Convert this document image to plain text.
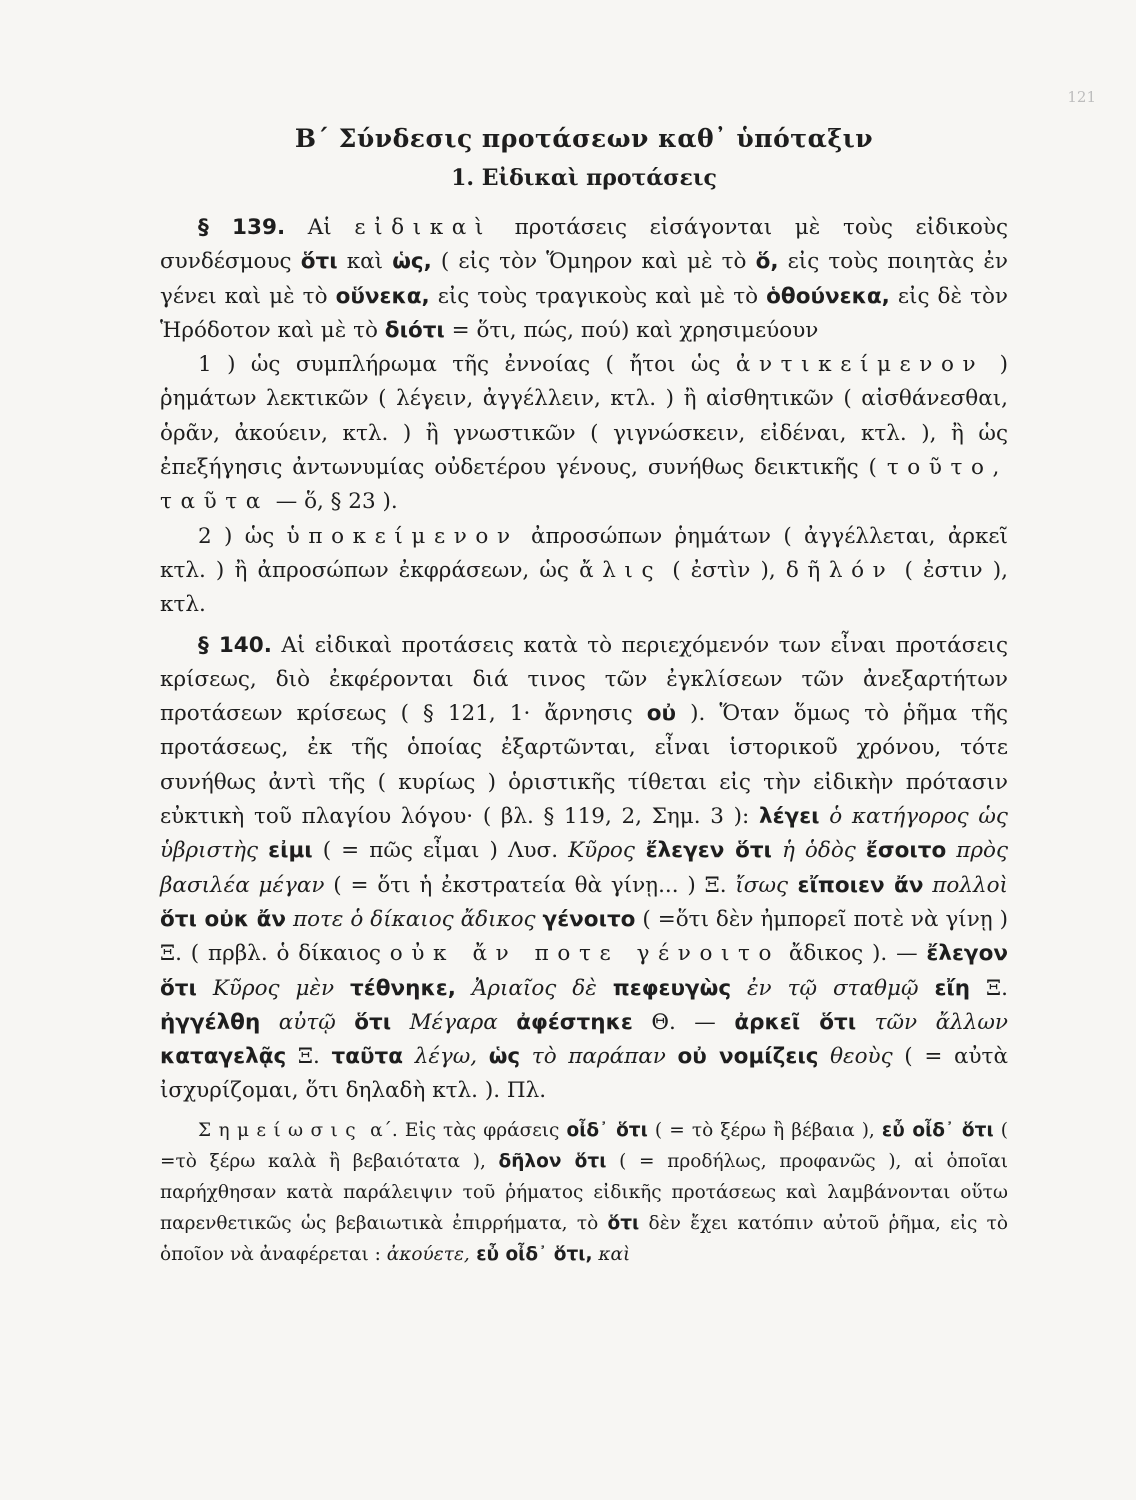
121
Β΄ Σύνδεσις προτάσεων καθ᾽ ὑπόταξιν
1. Εἰδικαὶ προτάσεις

§ 139. Αἱ εἰδικαὶ προτάσεις εἰσάγονται μὲ τοὺς εἰδικοὺς συνδέσμους ὅτι καὶ ὡς, ( εἰς τὸν Ὅμηρον καὶ μὲ τὸ ὅ, εἰς τοὺς ποιητὰς ἐν γένει καὶ μὲ τὸ οὕνεκα, εἰς τοὺς τραγικοὺς καὶ μὲ τὸ ὁθούνεκα, εἰς δὲ τὸν Ἡρόδοτον καὶ μὲ τὸ διότι = ὅτι, πώς, πού) καὶ χρησιμεύουν

1 ) ὡς συμπλήρωμα τῆς ἐννοίας ( ἤτοι ὡς ἀντικείμενον ) ῥημάτων λεκτικῶν ( λέγειν, ἀγγέλλειν, κτλ. ) ἢ αἰσθητικῶν ( αἰσθάνεσθαι, ὁρᾶν, ἀκούειν, κτλ. ) ἢ γνωστικῶν ( γιγνώσκειν, εἰδέναι, κτλ. ), ἢ ὡς ἐπεξήγησις ἀντωνυμίας οὐδετέρου γένους, συνήθως δεικτικῆς ( τοῦτο, ταῦτα — ὅ, § 23 ).

2 ) ὡς ὑποκείμενον ἀπροσώπων ῥημάτων ( ἀγγέλλεται, ἀρκεῖ κτλ. ) ἢ ἀπροσώπων ἐκφράσεων, ὡς ἄλις ( ἐστὶν ), δῆλόν ( ἐστιν ), κτλ.

§ 140. Αἱ εἰδικαὶ προτάσεις κατὰ τὸ περιεχόμενόν των εἶναι προτάσεις κρίσεως, διὸ ἐκφέρονται διά τινος τῶν ἐγκλίσεων τῶν ἀνεξαρτήτων προτάσεων κρίσεως ( § 121, 1· ἄρνησις οὐ ). Ὅταν ὅμως τὸ ῥῆμα τῆς προτάσεως, ἐκ τῆς ὁποίας ἐξαρτῶνται, εἶναι ἱστορικοῦ χρόνου, τότε συνήθως ἀντὶ τῆς ( κυρίως ) ὁριστικῆς τίθεται εἰς τὴν εἰδικὴν πρότασιν εὐκτικὴ τοῦ πλαγίου λόγου· ( βλ. § 119, 2, Σημ. 3 ): λέγει ὁ κατήγορος ὡς ὑβριστὴς εἰμι ( = πῶς εἶμαι ) Λυσ. Κῦρος ἔλεγεν ὅτι ἡ ὁδὸς ἔσοιτο πρὸς βασιλέα μέγαν ( = ὅτι ἡ ἐκστρατεία θὰ γίνῃ... ) Ξ. ἴσως εἴποιεν ἄν πολλοὶ ὅτι οὐκ ἄν ποτε ὁ δίκαιος ἄδικος γένοιτο ( =ὅτι δὲν ἠμπορεῖ ποτὲ νὰ γίνῃ ) Ξ. ( πρβλ. ὁ δίκαιος οὐκ ἄν ποτε γένοιτο ἄδικος ). — ἔλεγον ὅτι Κῦρος μὲν τέθνηκε, Ἀριαῖος δὲ πεφευγὼς ἐν τῷ σταθμῷ εἴη Ξ. ἠγγέλθη αὐτῷ ὅτι Μέγαρα ἀφέστηκε Θ. — ἀρκεῖ ὅτι τῶν ἄλλων καταγελᾷς Ξ. ταῦτα λέγω, ὡς τὸ παράπαν οὐ νομίζεις θεοὺς ( = αὐτὰ ἰσχυρίζομαι, ὅτι δηλαδὴ κτλ. ). Πλ.

Σημείωσις α΄. Εἰς τὰς φράσεις οἶδ᾽ ὅτι ( = τὸ ξέρω ἢ βέβαια ), εὖ οἶδ᾽ ὅτι ( =τὸ ξέρω καλὰ ἢ βεβαιότατα ), δῆλον ὅτι ( = προδήλως, προφανῶς ), αἱ ὁποῖαι παρήχθησαν κατὰ παράλειψιν τοῦ ῥήματος εἰδικῆς προτάσεως καὶ λαμβάνονται οὕτω παρενθετικῶς ὡς βεβαιωτικὰ ἐπιρρήματα, τὸ ὅτι δὲν ἔχει κατόπιν αὐτοῦ ῥῆμα, εἰς τὸ ὁποῖον νὰ ἀναφέρεται : ἀκούετε, εὖ οἶδ᾽ ὅτι, καὶ
